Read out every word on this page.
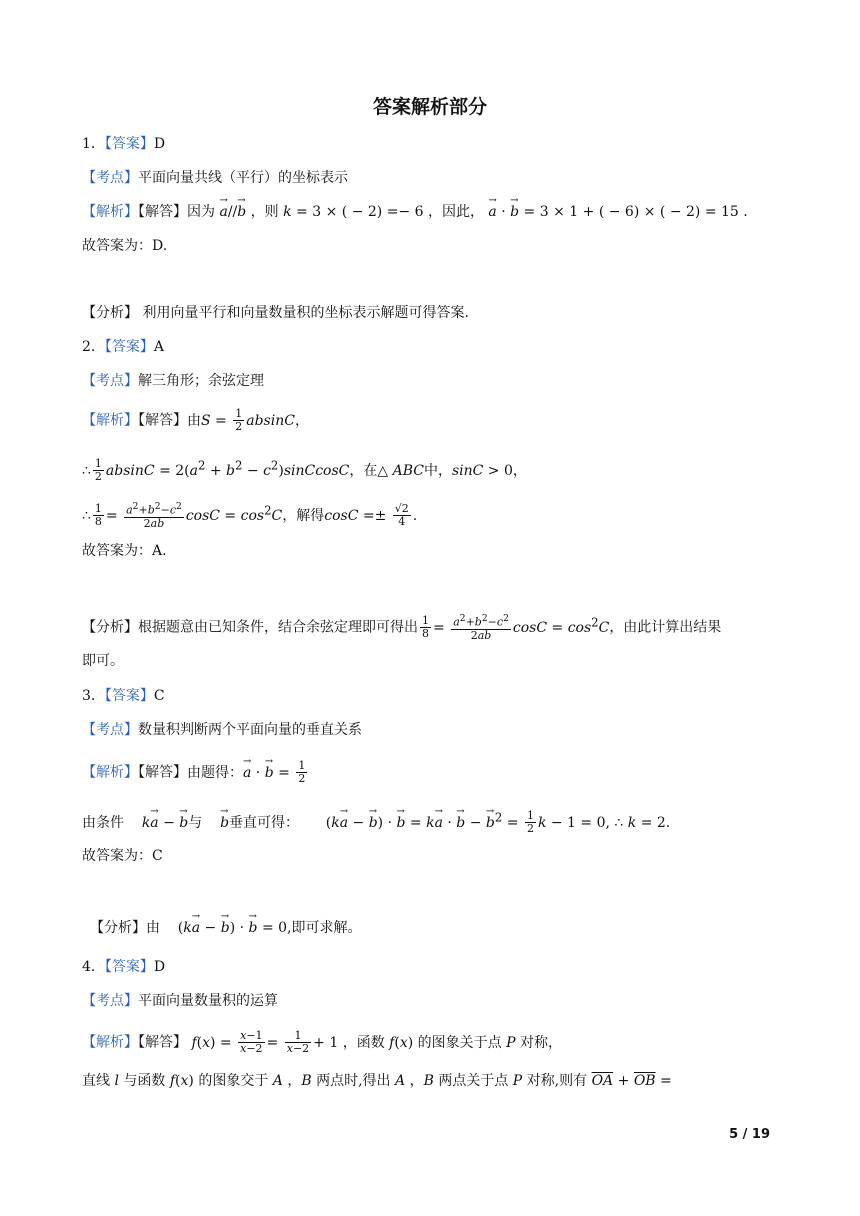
答案解析部分
1．【答案】D
【考点】平面向量共线（平行）的坐标表示
【解析】【解答】因为 → a//→ b ，则 k = 3 × ( − 2) =− 6 ，因此， → a · → b = 3 × 1 + ( − 6) × ( − 2) = 15 .
故答案为：D.
【分析】 利用向量平行和向量数量积的坐标表示解题可得答案.
2．【答案】A
【考点】解三角形；余弦定理
【解析】【解答】由$S = \frac{1}{2}$ absinC，
∴ $\frac{1}{2}$ $absinC = 2(a^2 + b^2$ − $c^2)sinCcosC$，在△ ABC中，sinC > 0，
∴ $\frac{1}{8} = \frac{a^2+b^2-c^2}{2ab}$ $\cos C = \cos^2C$，解得$\cos C =\pm \frac{√2}{4}$ .
故答案为：A.
【分析】根据题意由已知条件，结合余弦定理即可得出 $\frac{1}{8} = \frac{a^2+b^2-c^2}{2ab}$ $\cos C = \cos^2C$，由此计算出结果
即可。
3．【答案】C
【考点】数量积判断两个平面向量的垂直关系
【解析】【解答】由题得：→ a · → $b = \frac{1}{2}$
由条件    k→ a − → b与    → b垂直可得：      (k→ a − → b) · → b = k→ a · → b − → $b^2 = \frac{1}{2}$ k − 1 = 0, ∴ k = 2.
故答案为：C
【分析】由    (k→ a − → b) · → b = 0,即可求解。
4．【答案】D
【考点】平面向量数量积的运算
【解析】【解答】 $f(x) = \frac{x-1}{x-2} = \frac{1}{x-2} + 1$ ，函数 f(x) 的图象关于点 P 对称，
直线 l 与函数 f(x) 的图象交于 A ，B 两点时,得出 A ，B 两点关于点 P 对称,则有 $\overline{OA} + \overline{OB}$ =
5 / 19
